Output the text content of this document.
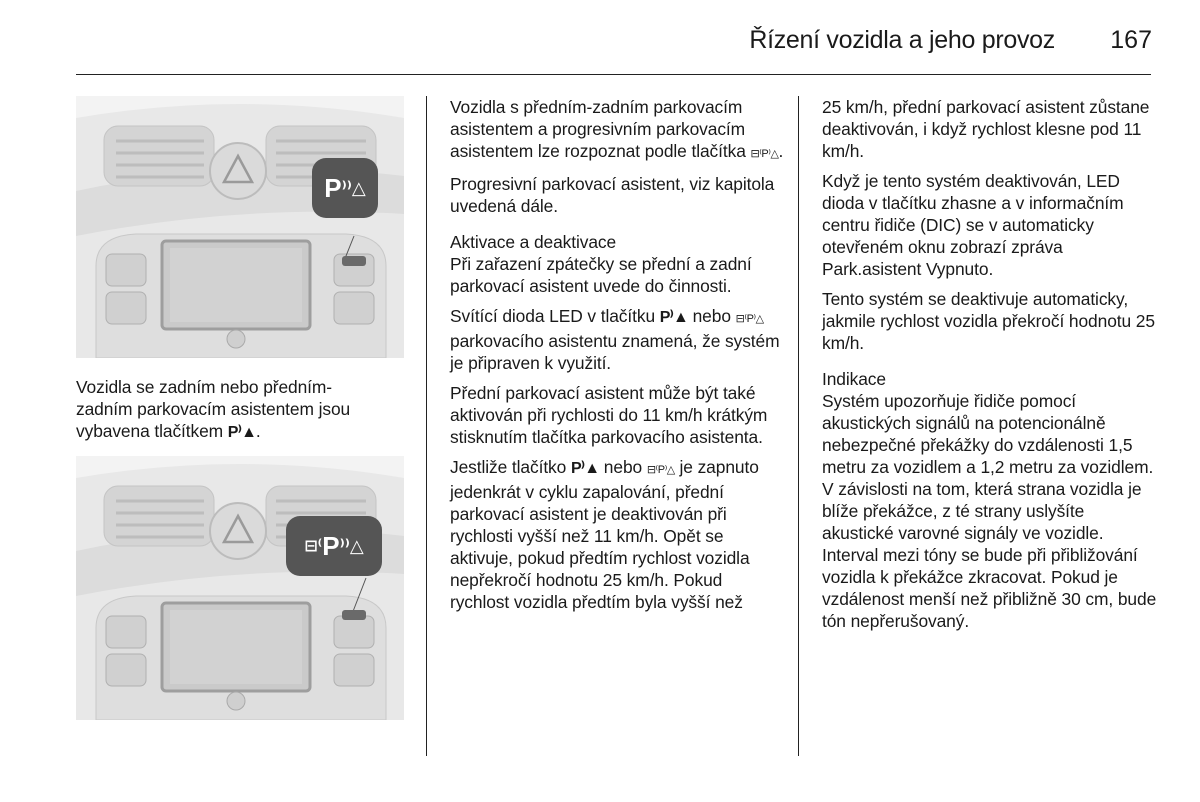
Řízení vozidla a jeho provoz 167
P ⁾⁾△

Vozidla se zadním nebo předním-
zadním parkovacím asistentem jsou
vybavena tlačítkem P⁾▲.

⊟⁽ P ⁾⁾△

Vozidla s předním-zadním parkovacím asistentem a progresivním parkovacím asistentem lze rozpoznat podle tlačítka ⊟⁽P⁾△.

Progresivní parkovací asistent, viz kapitola uvedená dále.

Aktivace a deaktivace

Při zařazení zpátečky se přední a zadní parkovací asistent uvede do činnosti.

Svítící dioda LED v tlačítku P⁾▲ nebo ⊟⁽P⁾△ parkovacího asistentu znamená, že systém je připraven k využití.

Přední parkovací asistent může být také aktivován při rychlosti do 11 km/h krátkým stisknutím tlačítka parkovacího asistenta.

Jestliže tlačítko P⁾▲ nebo ⊟⁽P⁾△ je zapnuto jedenkrát v cyklu zapalování, přední parkovací asistent je deaktivován při rychlosti vyšší než 11 km/h. Opět se aktivuje, pokud předtím rychlost vozidla nepřekročí hodnotu 25 km/h. Pokud rychlost vozidla předtím byla vyšší než

25 km/h, přední parkovací asistent zůstane deaktivován, i když rychlost klesne pod 11 km/h.

Když je tento systém deaktivován, LED dioda v tlačítku zhasne a v informačním centru řidiče (DIC) se v automaticky otevřeném oknu zobrazí zpráva Park.asistent Vypnuto.

Tento systém se deaktivuje automaticky, jakmile rychlost vozidla překročí hodnotu 25 km/h.

Indikace

Systém upozorňuje řidiče pomocí akustických signálů na potencionálně nebezpečné překážky do vzdálenosti 1,5 metru za vozidlem a 1,2 metru za vozidlem. V závislosti na tom, která strana vozidla je blíže překážce, z té strany uslyšíte akustické varovné signály ve vozidle. Interval mezi tóny se bude při přibližování vozidla k překážce zkracovat. Pokud je vzdálenost menší než přibližně 30 cm, bude tón nepřerušovaný.
